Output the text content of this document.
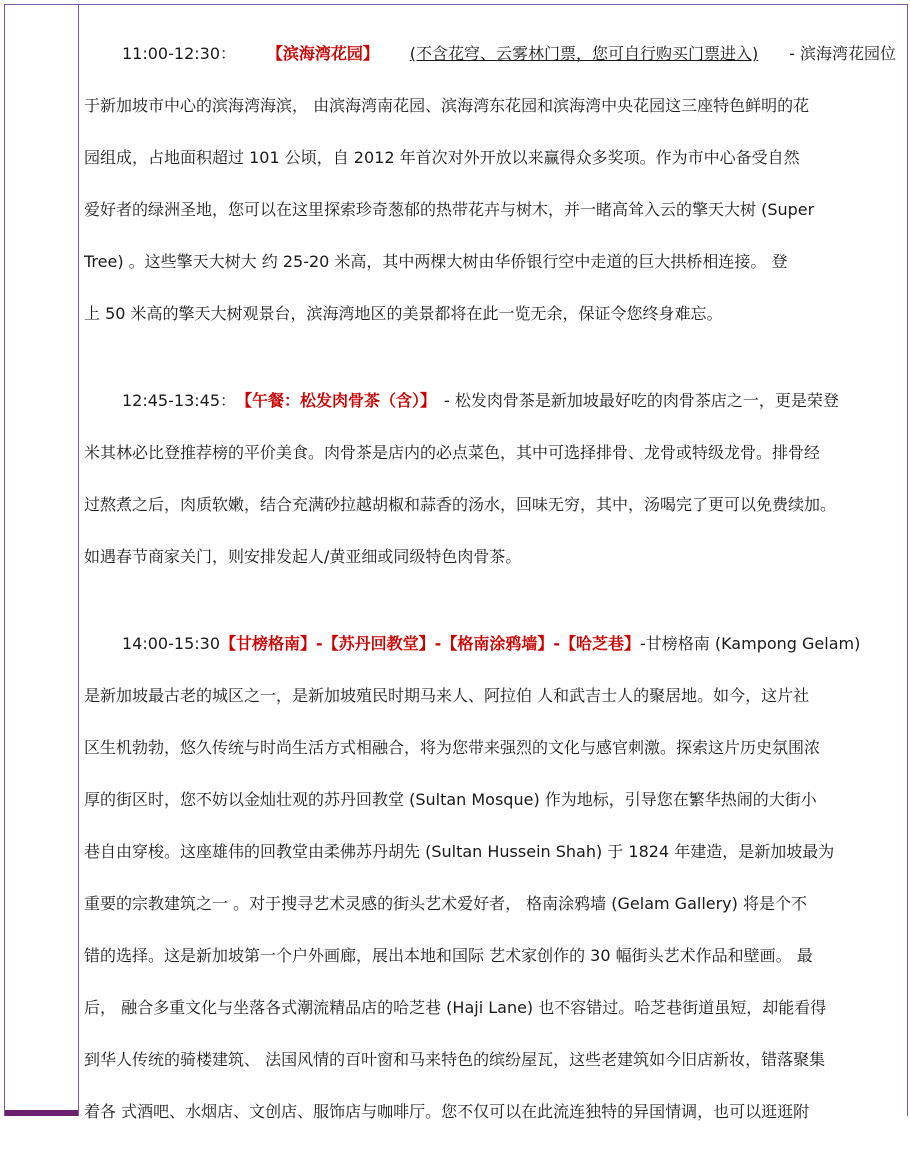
11:00-12:30： 【滨海湾花园】 (不含花穹、云雾林门票，您可自行购买门票进入) - 滨海湾花园位
于新加坡市中心的滨海湾海滨， 由滨海湾南花园、滨海湾东花园和滨海湾中央花园这三座特色鲜明的花
园组成，占地面积超过 101 公顷，自 2012 年首次对外开放以来赢得众多奖项。作为市中心备受自然
爱好者的绿洲圣地，您可以在这里探索珍奇葱郁的热带花卉与树木，并一睹高耸入云的擎天大树 (Super
Tree) 。这些擎天大树大 约 25-20 米高，其中两棵大树由华侨银行空中走道的巨大拱桥相连接。 登
上 50 米高的擎天大树观景台，滨海湾地区的美景都将在此一览无余，保证令您终身难忘。
12:45-13:45： 【午餐：松发肉骨茶（含）】 - 松发肉骨茶是新加坡最好吃的肉骨茶店之一，更是荣登
米其林必比登推荐榜的平价美食。肉骨茶是店内的必点菜色，其中可选择排骨、龙骨或特级龙骨。排骨经
过熬煮之后，肉质软嫩，结合充满砂拉越胡椒和蒜香的汤水，回味无穷，其中，汤喝完了更可以免费续加。
如遇春节商家关门，则安排发起人/黄亚细或同级特色肉骨茶。
14:00-15:30 【甘榜格南】 - 【苏丹回教堂】 - 【格南涂鸦墙】 - 【哈芝巷】 -甘榜格南 (Kampong Gelam)
是新加坡最古老的城区之一，是新加坡殖民时期马来人、阿拉伯 人和武吉士人的聚居地。如今，这片社
区生机勃勃，悠久传统与时尚生活方式相融合，将为您带来强烈的文化与感官刺激。探索这片历史氛围浓
厚的街区时，您不妨以金灿壮观的苏丹回教堂 (Sultan Mosque) 作为地标，引导您在繁华热闹的大街小
巷自由穿梭。这座雄伟的回教堂由柔佛苏丹胡先 (Sultan Hussein Shah) 于 1824 年建造，是新加坡最为
重要的宗教建筑之一 。对于搜寻艺术灵感的街头艺术爱好者， 格南涂鸦墙 (Gelam Gallery) 将是个不
错的选择。这是新加坡第一个户外画廊，展出本地和国际 艺术家创作的 30 幅街头艺术作品和壁画。 最
后， 融合多重文化与坐落各式潮流精品店的哈芝巷 (Haji Lane) 也不容错过。哈芝巷街道虽短，却能看得
到华人传统的骑楼建筑、 法国风情的百叶窗和马来特色的缤纷屋瓦，这些老建筑如今旧店新妆，错落聚集
着各 式酒吧、水烟店、文创店、服饰店与咖啡厅。您不仅可以在此流连独特的异国情调，也可以逛逛附
